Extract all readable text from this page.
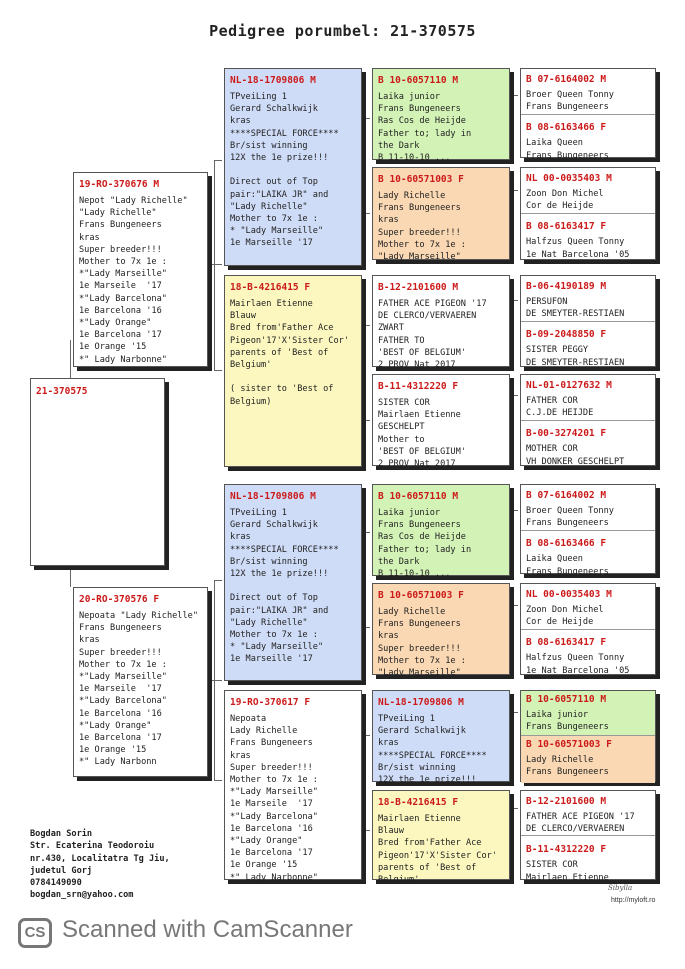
Pedigree porumbel: 21-370575
21-370575
19-RO-370676 M
Nepot "Lady Richelle"
"Lady Richelle"
Frans Bungeneers
kras
Super breeder!!!
Mother to 7x 1e :
*"Lady Marseille"
1e Marseile  '17
*"Lady Barcelona"
1e Barcelona '16
*"Lady Orange"
1e Barcelona '17
1e Orange '15
*" Lady Narbonne"
20-RO-370576 F
Nepoata "Lady Richelle"
Frans Bungeneers
kras
Super breeder!!!
Mother to 7x 1e :
*"Lady Marseille"
1e Marseile  '17
*"Lady Barcelona"
1e Barcelona '16
*"Lady Orange"
1e Barcelona '17
1e Orange '15
*" Lady Narbonn
NL-18-1709806 M
TPveiLing 1
Gerard Schalkwijk
kras
****SPECIAL FORCE****
Br/sist winning
12X the 1e prize!!!

Direct out of Top
pair:"LAIKA JR" and
"Lady Richelle"
Mother to 7x 1e :
* "Lady Marseille"
1e Marseille '17
18-B-4216415 F
Mairlaen Etienne
Blauw
Bred from'Father Ace
Pigeon'17'X'Sister Cor'
parents of 'Best of
Belgium'

( sister to 'Best of
Belgium)
NL-18-1709806 M
TPveiLing 1
Gerard Schalkwijk
kras
****SPECIAL FORCE****
Br/sist winning
12X the 1e prize!!!

Direct out of Top
pair:"LAIKA JR" and
"Lady Richelle"
Mother to 7x 1e :
* "Lady Marseille"
1e Marseille '17
19-RO-370617 F
Nepoata
Lady Richelle
Frans Bungeneers
kras
Super breeder!!!
Mother to 7x 1e :
*"Lady Marseille"
1e Marseile  '17
*"Lady Barcelona"
1e Barcelona '16
*"Lady Orange"
1e Barcelona '17
1e Orange '15
*" Lady Narbonne"
B 10-6057110 M
Laika junior
Frans Bungeneers
Ras Cos de Heijde
Father to; lady in
the Dark
B 11-10-10 ...
B 10-60571003 F
Lady Richelle
Frans Bungeneers
kras
Super breeder!!!
Mother to 7x 1e :
"Lady Marseille"
B-12-2101600 M
FATHER ACE PIGEON '17
DE CLERCO/VERVAEREN
ZWART
FATHER TO
'BEST OF BELGIUM'
2 PROV Nat 2017
B-11-4312220 F
SISTER COR
Mairlaen Etienne
GESCHELPT
Mother to
'BEST OF BELGIUM'
2 PROV Nat 2017
B 10-6057110 M
Laika junior
Frans Bungeneers
Ras Cos de Heijde
Father to; lady in
the Dark
B 11-10-10 ...
B 10-60571003 F
Lady Richelle
Frans Bungeneers
kras
Super breeder!!!
Mother to 7x 1e :
"Lady Marseille"
NL-18-1709806 M
TPveiLing 1
Gerard Schalkwijk
kras
****SPECIAL FORCE****
Br/sist winning
12X the 1e prize!!!
18-B-4216415 F
Mairlaen Etienne
Blauw
Bred from'Father Ace
Pigeon'17'X'Sister Cor'
parents of 'Best of
Belgium'
B 07-6164002 M
Broer Queen Tonny
Frans Bungeneers
B 08-6163466 F
Laika Queen
Frans Bungeneers
NL 00-0035403 M
Zoon Don Michel
Cor de Heijde
B 08-6163417 F
Halfzus Queen Tonny
1e Nat Barcelona '05
B-06-4190189 M
PERSUFON
DE SMEYTER-RESTIAEN
B-09-2048850 F
SISTER PEGGY
DE SMEYTER-RESTIAEN
NL-01-0127632 M
FATHER COR
C.J.DE HEIJDE
B-00-3274201 F
MOTHER COR
VH DONKER GESCHELPT
B 07-6164002 M
Broer Queen Tonny
Frans Bungeneers
B 08-6163466 F
Laika Queen
Frans Bungeneers
NL 00-0035403 M
Zoon Don Michel
Cor de Heijde
B 08-6163417 F
Halfzus Queen Tonny
1e Nat Barcelona '05
B 10-6057110 M
Laika junior
Frans Bungeneers
B 10-60571003 F
Lady Richelle
Frans Bungeneers
B-12-2101600 M
FATHER ACE PIGEON '17
DE CLERCO/VERVAEREN
B-11-4312220 F
SISTER COR
Mairlaen Etienne
Bogdan Sorin
Str. Ecaterina Teodoroiu
nr.430, Localitatra Tg Jiu,
judetul Gorj
0784149090
bogdan_srn@yahoo.com
Sibylla
http://myloft.ro
CS Scanned with CamScanner
